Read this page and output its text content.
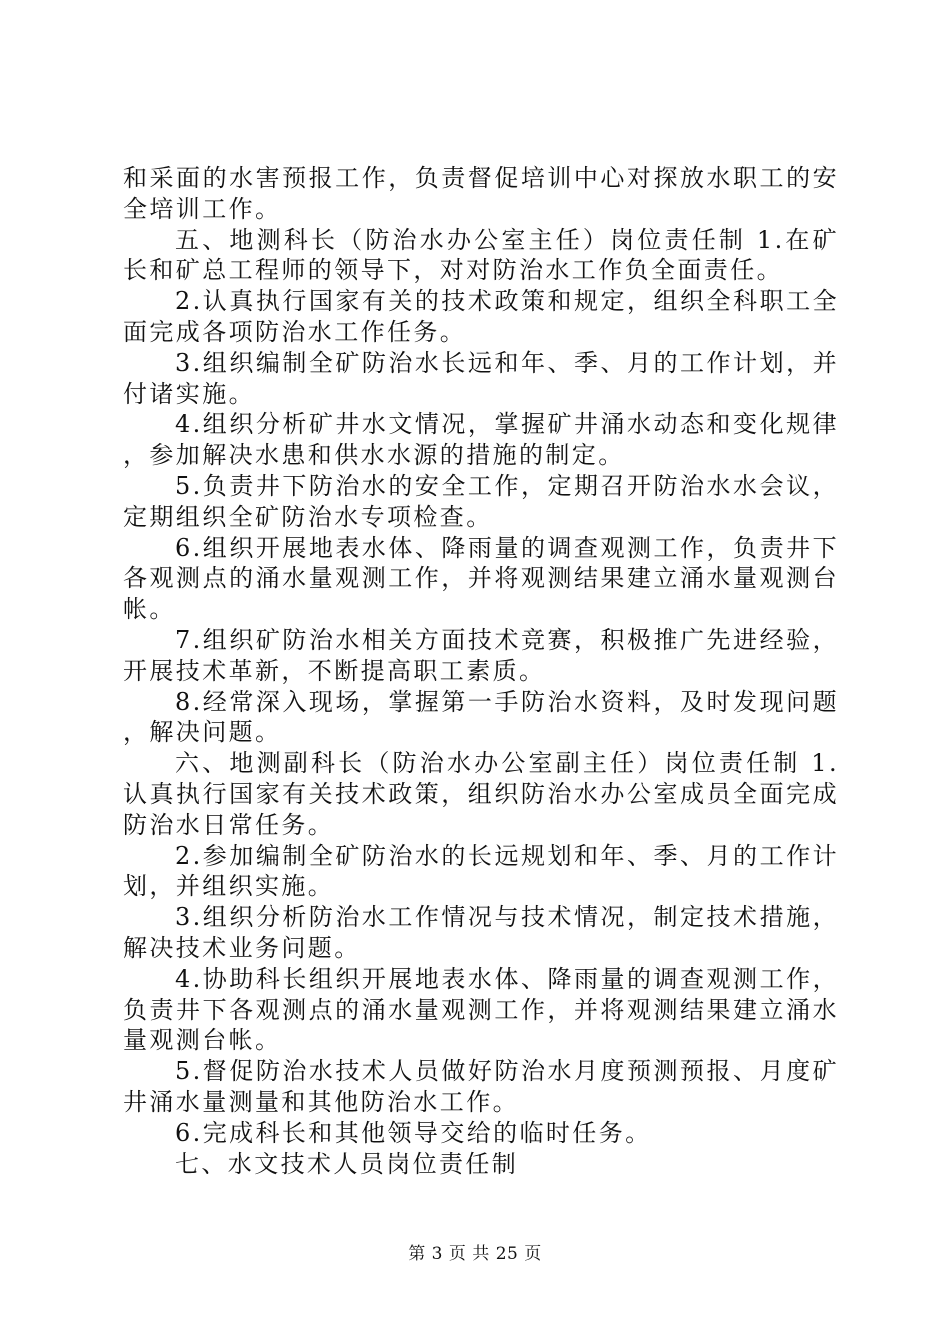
和采面的水害预报工作，负责督促培训中心对探放水职工的安全培训工作。

五、地测科长（防治水办公室主任）岗位责任制 1.在矿长和矿总工程师的领导下，对对防治水工作负全面责任。

2.认真执行国家有关的技术政策和规定，组织全科职工全面完成各项防治水工作任务。

3.组织编制全矿防治水长远和年、季、月的工作计划，并付诸实施。

4.组织分析矿井水文情况，掌握矿井涌水动态和变化规律，参加解决水患和供水水源的措施的制定。

5.负责井下防治水的安全工作，定期召开防治水水会议，定期组织全矿防治水专项检查。

6.组织开展地表水体、降雨量的调查观测工作，负责井下各观测点的涌水量观测工作，并将观测结果建立涌水量观测台帐。

7.组织矿防治水相关方面技术竞赛，积极推广先进经验，开展技术革新，不断提高职工素质。

8.经常深入现场，掌握第一手防治水资料，及时发现问题，解决问题。

六、地测副科长（防治水办公室副主任）岗位责任制 1.认真执行国家有关技术政策，组织防治水办公室成员全面完成防治水日常任务。

2.参加编制全矿防治水的长远规划和年、季、月的工作计划，并组织实施。

3.组织分析防治水工作情况与技术情况，制定技术措施，解决技术业务问题。

4.协助科长组织开展地表水体、降雨量的调查观测工作，负责井下各观测点的涌水量观测工作，并将观测结果建立涌水量观测台帐。

5.督促防治水技术人员做好防治水月度预测预报、月度矿井涌水量测量和其他防治水工作。

6.完成科长和其他领导交给的临时任务。

七、水文技术人员岗位责任制

第 3 页 共 25 页
